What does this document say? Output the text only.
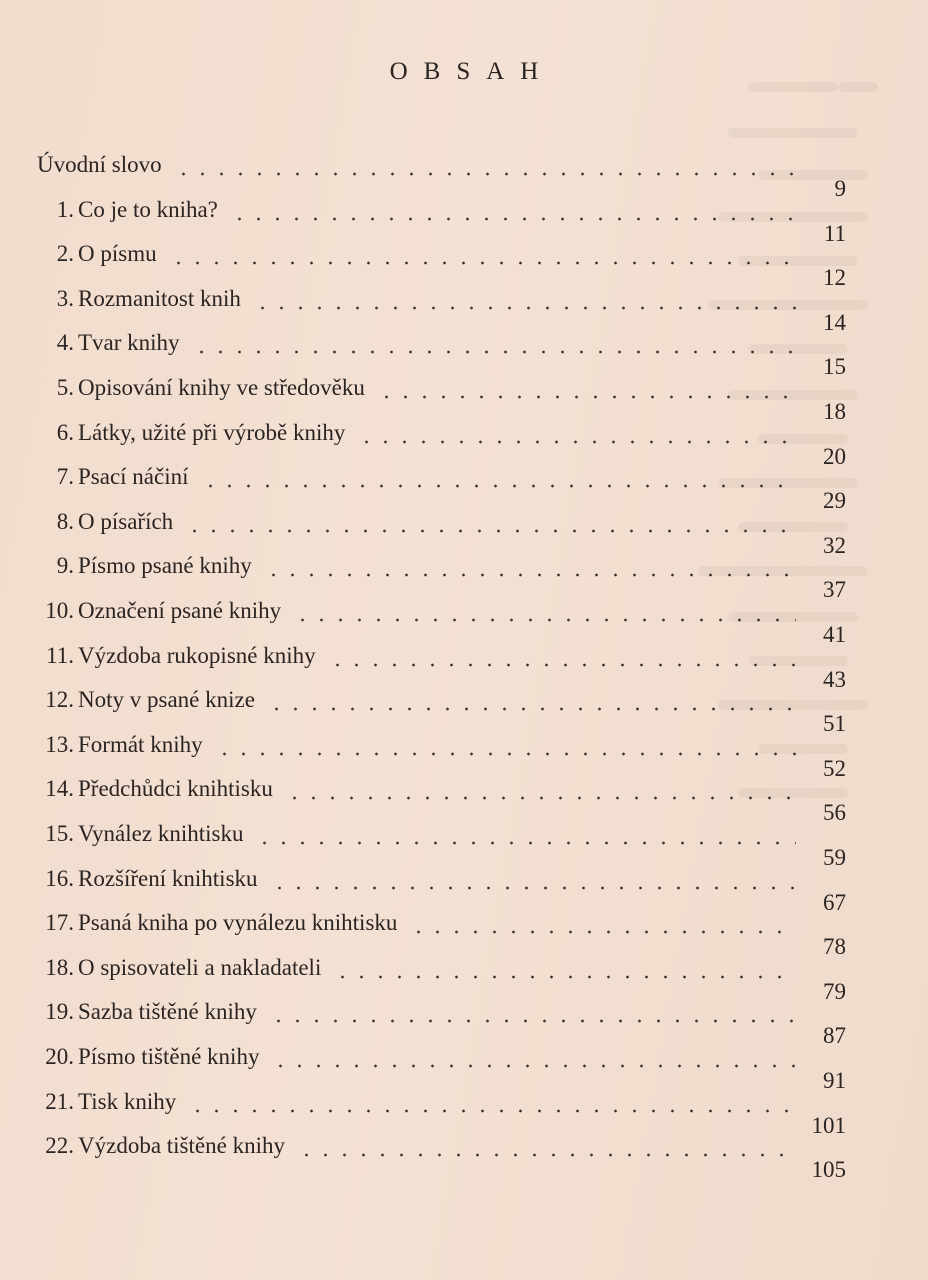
OBSAH
Úvodní slovo
9
1. Co je to kniha?
11
2. O písmu
12
3. Rozmanitost knih
14
4. Tvar knihy
15
5. Opisování knihy ve středověku
18
6. Látky, užité při výrobě knihy
20
7. Psací náčiní
29
8. O písařích
32
9. Písmo psané knihy
37
10. Označení psané knihy
41
11. Výzdoba rukopisné knihy
43
12. Noty v psané knize
51
13. Formát knihy
52
14. Předchůdci knihtisku
56
15. Vynález knihtisku
59
16. Rozšíření knihtisku
67
17. Psaná kniha po vynálezu knihtisku
78
18. O spisovateli a nakladateli
79
19. Sazba tištěné knihy
87
20. Písmo tištěné knihy
91
21. Tisk knihy
101
22. Výzdoba tištěné knihy
105
